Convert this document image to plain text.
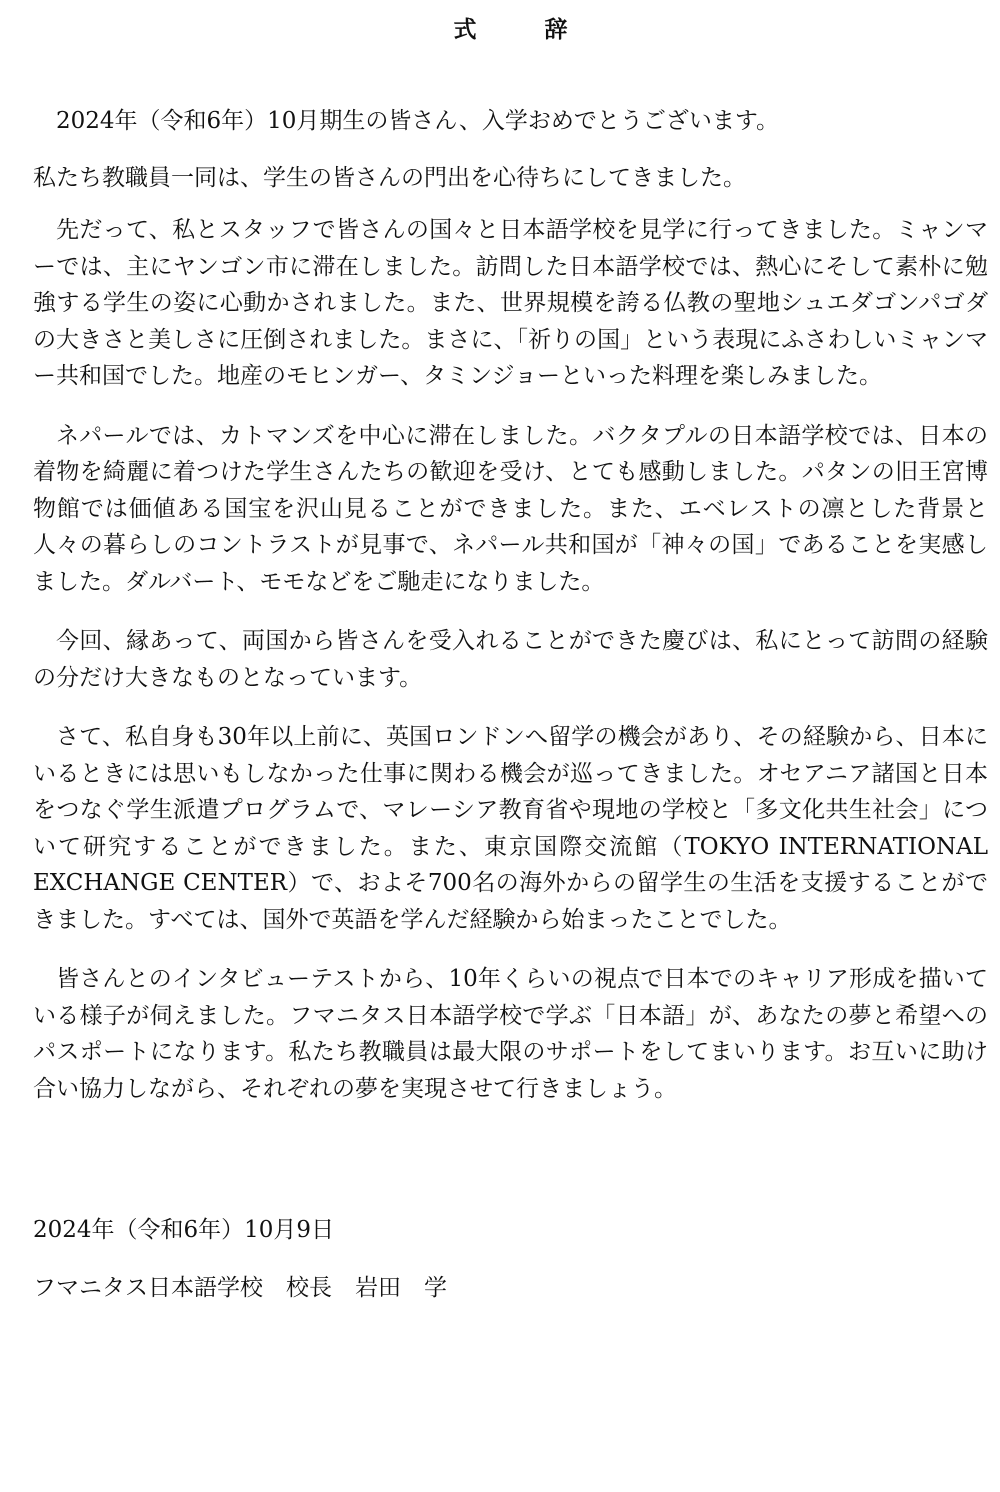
式 辞

2024年（令和6年）10月期生の皆さん、入学おめでとうございます。

私たち教職員一同は、学生の皆さんの門出を心待ちにしてきました。

先だって、私とスタッフで皆さんの国々と日本語学校を見学に行ってきました。ミャンマーでは、主にヤンゴン市に滞在しました。訪問した日本語学校では、熱心にそして素朴に勉強する学生の姿に心動かされました。また、世界規模を誇る仏教の聖地シュエダゴンパゴダの大きさと美しさに圧倒されました。まさに、「祈りの国」という表現にふさわしいミャンマー共和国でした。地産のモヒンガー、タミンジョーといった料理を楽しみました。

ネパールでは、カトマンズを中心に滞在しました。バクタプルの日本語学校では、日本の着物を綺麗に着つけた学生さんたちの歓迎を受け、とても感動しました。パタンの旧王宮博物館では価値ある国宝を沢山見ることができました。また、エベレストの凛とした背景と人々の暮らしのコントラストが見事で、ネパール共和国が「神々の国」であることを実感しました。ダルバート、モモなどをご馳走になりました。

今回、縁あって、両国から皆さんを受入れることができた慶びは、私にとって訪問の経験の分だけ大きなものとなっています。

さて、私自身も30年以上前に、英国ロンドンへ留学の機会があり、その経験から、日本にいるときには思いもしなかった仕事に関わる機会が巡ってきました。オセアニア諸国と日本をつなぐ学生派遣プログラムで、マレーシア教育省や現地の学校と「多文化共生社会」について研究することができました。また、東京国際交流館（TOKYO INTERNATIONAL EXCHANGE CENTER）で、およそ700名の海外からの留学生の生活を支援することができました。すべては、国外で英語を学んだ経験から始まったことでした。

皆さんとのインタビューテストから、10年くらいの視点で日本でのキャリア形成を描いている様子が伺えました。フマニタス日本語学校で学ぶ「日本語」が、あなたの夢と希望へのパスポートになります。私たち教職員は最大限のサポートをしてまいります。お互いに助け合い協力しながら、それぞれの夢を実現させて行きましょう。

2024年（令和6年）10月9日

フマニタス日本語学校　校長　岩田　学
